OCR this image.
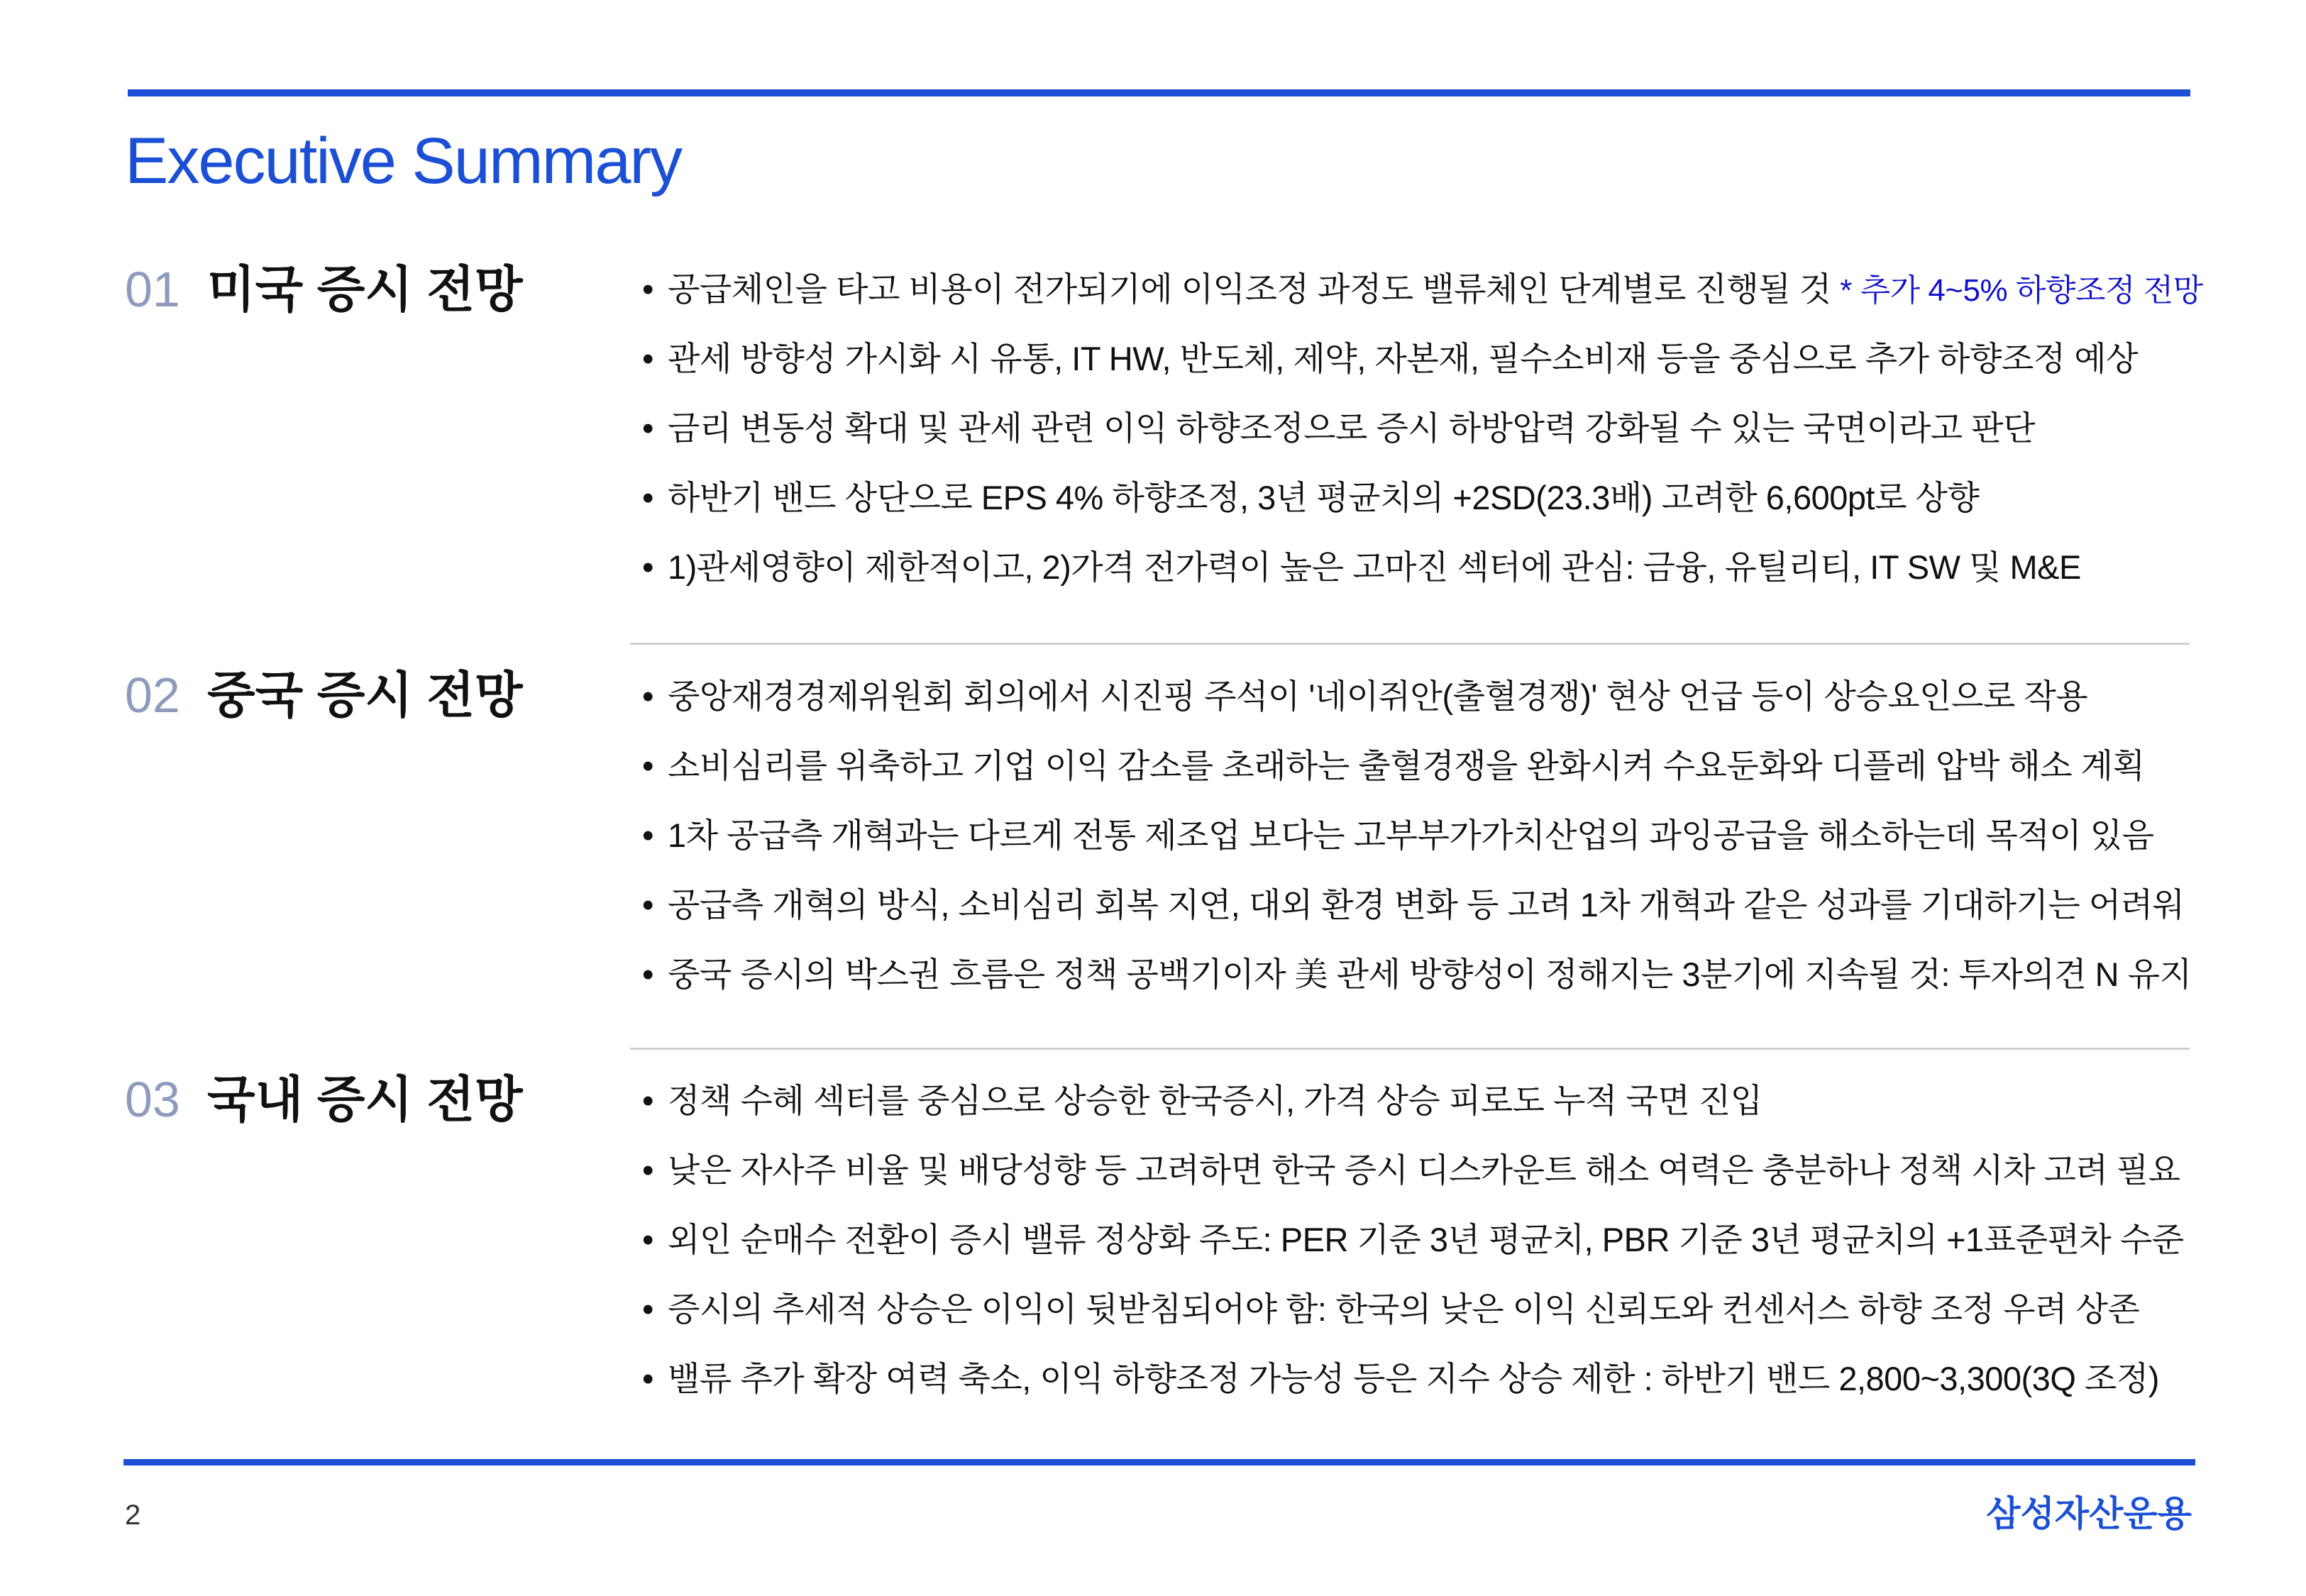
Executive Summary
01 미국 증시 전망	• 공급체인을 타고 비용이 전가되기에 이익조정 과정도 밸류체인 단계별로 진행될 것 * 추가 4~5% 하향조정 전망
• 관세 방향성 가시화 시 유통, IT HW, 반도체, 제약, 자본재, 필수소비재 등을 중심으로 추가 하향조정 예상
• 금리 변동성 확대 및 관세 관련 이익 하향조정으로 증시 하방압력 강화될 수 있는 국면이라고 판단
• 하반기 밴드 상단으로 EPS 4% 하향조정, 3년 평균치의 +2SD(23.3배) 고려한 6,600pt로 상향
• 1)관세영향이 제한적이고, 2)가격 전가력이 높은 고마진 섹터에 관심: 금융, 유틸리티, IT SW 및 M&E
02 중국 증시 전망	• 중앙재경경제위원회 회의에서 시진핑 주석이 '네이쥐안(출혈경쟁)' 현상 언급 등이 상승요인으로 작용
• 소비심리를 위축하고 기업 이익 감소를 초래하는 출혈경쟁을 완화시켜 수요둔화와 디플레 압박 해소 계획
• 1차 공급측 개혁과는 다르게 전통 제조업 보다는 고부부가가치산업의 과잉공급을 해소하는데 목적이 있음
• 공급측 개혁의 방식, 소비심리 회복 지연, 대외 환경 변화 등 고려 1차 개혁과 같은 성과를 기대하기는 어려워
• 중국 증시의 박스권 흐름은 정책 공백기이자 美 관세 방향성이 정해지는 3분기에 지속될 것: 투자의견 N 유지
03 국내 증시 전망	• 정책 수혜 섹터를 중심으로 상승한 한국증시, 가격 상승 피로도 누적 국면 진입
• 낮은 자사주 비율 및 배당성향 등 고려하면 한국 증시 디스카운트 해소 여력은 충분하나 정책 시차 고려 필요
• 외인 순매수 전환이 증시 밸류 정상화 주도: PER 기준 3년 평균치, PBR 기준 3년 평균치의 +1표준편차 수준
• 증시의 추세적 상승은 이익이 뒷받침되어야 함: 한국의 낮은 이익 신뢰도와 컨센서스 하향 조정 우려 상존
• 밸류 추가 확장 여력 축소, 이익 하향조정 가능성 등은 지수 상승 제한 : 하반기 밴드 2,800~3,300(3Q 조정)
2	삼성자산운용
